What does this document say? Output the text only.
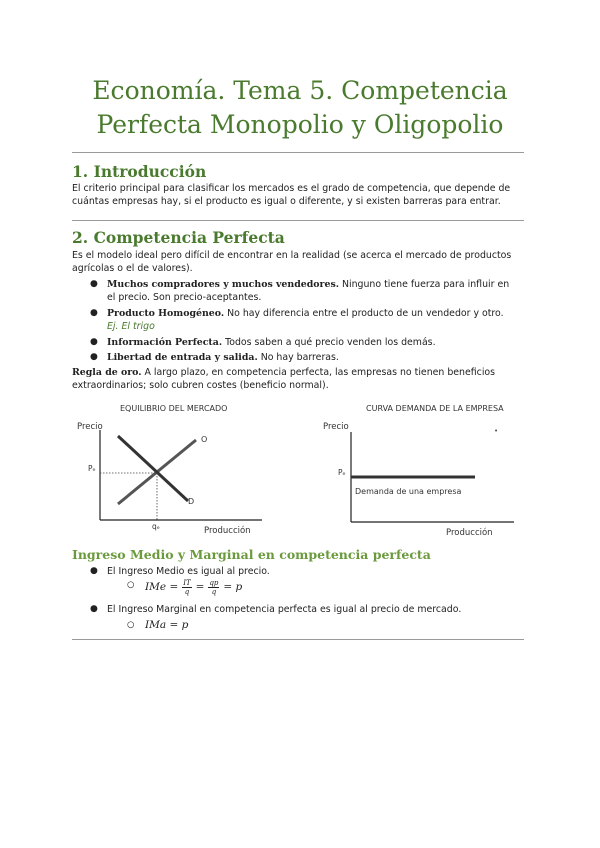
Economía. Tema 5. Competencia
Perfecta Monopolio y Oligopolio
1. Introducción
El criterio principal para clasificar los mercados es el grado de competencia, que depende de
cuántas empresas hay, si el producto es igual o diferente, y si existen barreras para entrar.
2. Competencia Perfecta
Es el modelo ideal pero difícil de encontrar en la realidad (se acerca el mercado de productos
agrícolas o el de valores).
● Muchos compradores y muchos vendedores. Ninguno tiene fuerza para influir en
el precio. Son precio-aceptantes.
● Producto Homogéneo. No hay diferencia entre el producto de un vendedor y otro.
Ej. El trigo
● Información Perfecta. Todos saben a qué precio venden los demás.
● Libertad de entrada y salida. No hay barreras.
Regla de oro. A largo plazo, en competencia perfecta, las empresas no tienen beneficios
extraordinarios; solo cubren costes (beneficio normal).
EQUILIBRIO DEL MERCADO
Precio
O
D
Pₑ
qₑ	Producción
CURVA DEMANDA DE LA EMPRESA
Precio	•
Pₑ
Demanda de una empresa
Producción
Ingreso Medio y Marginal en competencia perfecta
● El Ingreso Medio es igual al precio.
○ IMe = $\frac{IT}{q} = \frac{qp}{q} = p$
● El Ingreso Marginal en competencia perfecta es igual al precio de mercado.
○ IMa = p
